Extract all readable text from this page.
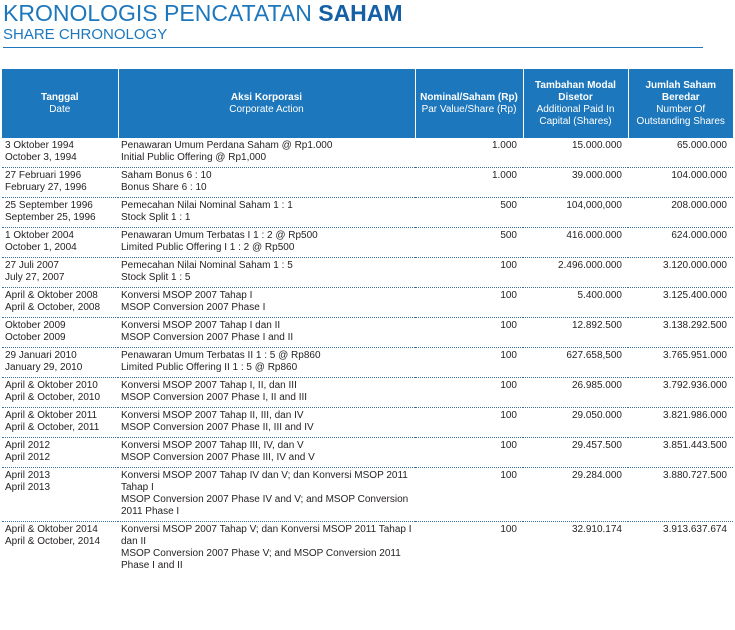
KRONOLOGIS PENCATATAN SAHAM
SHARE CHRONOLOGY
Tanggal
Date	Aksi Korporasi
Corporate Action	Nominal/Saham (Rp)
Par Value/Share (Rp)	Tambahan Modal Disetor
Additional Paid In Capital (Shares)	Jumlah Saham Beredar
Number Of Outstanding Shares

3 Oktober 1994
October 3, 1994	Penawaran Umum Perdana Saham @ Rp1.000
Initial Public Offering @ Rp1,000	1.000	15.000.000	65.000.000

27 Februari 1996
February 27, 1996	Saham Bonus 6 : 10
Bonus Share 6 : 10	1.000	39.000.000	104.000.000

25 September 1996
September 25, 1996	Pemecahan Nilai Nominal Saham 1 : 1
Stock Split 1 : 1	500	104,000,000	208.000.000

1 Oktober 2004
October 1, 2004	Penawaran Umum Terbatas I 1 : 2 @ Rp500
Limited Public Offering I 1 : 2 @ Rp500	500	416.000.000	624.000.000

27 Juli 2007
July 27, 2007	Pemecahan Nilai Nominal Saham 1 : 5
Stock Split 1 : 5	100	2.496.000.000	3.120.000.000

April & Oktober 2008
April & October, 2008	Konversi MSOP 2007 Tahap I
MSOP Conversion 2007 Phase I	100	5.400.000	3.125.400.000

Oktober 2009
October 2009	Konversi MSOP 2007 Tahap I dan II
MSOP Conversion 2007 Phase I and II	100	12.892.500	3.138.292.500

29 Januari 2010
January 29, 2010	Penawaran Umum Terbatas II 1 : 5 @ Rp860
Limited Public Offering II 1 : 5 @ Rp860	100	627.658,500	3.765.951.000

April & Oktober 2010
April & October, 2010	Konversi MSOP 2007 Tahap I, II, dan III
MSOP Conversion 2007 Phase I, II and III	100	26.985.000	3.792.936.000

April & Oktober 2011
April & October, 2011	Konversi MSOP 2007 Tahap II, III, dan IV
MSOP Conversion 2007 Phase II, III and IV	100	29.050.000	3.821.986.000

April 2012
April 2012	Konversi MSOP 2007 Tahap III, IV, dan V
MSOP Conversion 2007 Phase III, IV and V	100	29.457.500	3.851.443.500

April 2013
April 2013	Konversi MSOP 2007 Tahap IV dan V; dan Konversi MSOP 2011 Tahap I
MSOP Conversion 2007 Phase IV and V; and MSOP Conversion 2011 Phase I	100	29.284.000	3.880.727.500

April & Oktober 2014
April & October, 2014	Konversi MSOP 2007 Tahap V; dan Konversi MSOP 2011 Tahap I dan II
MSOP Conversion 2007 Phase V; and MSOP Conversion 2011 Phase I and II	100	32.910.174	3.913.637.674
